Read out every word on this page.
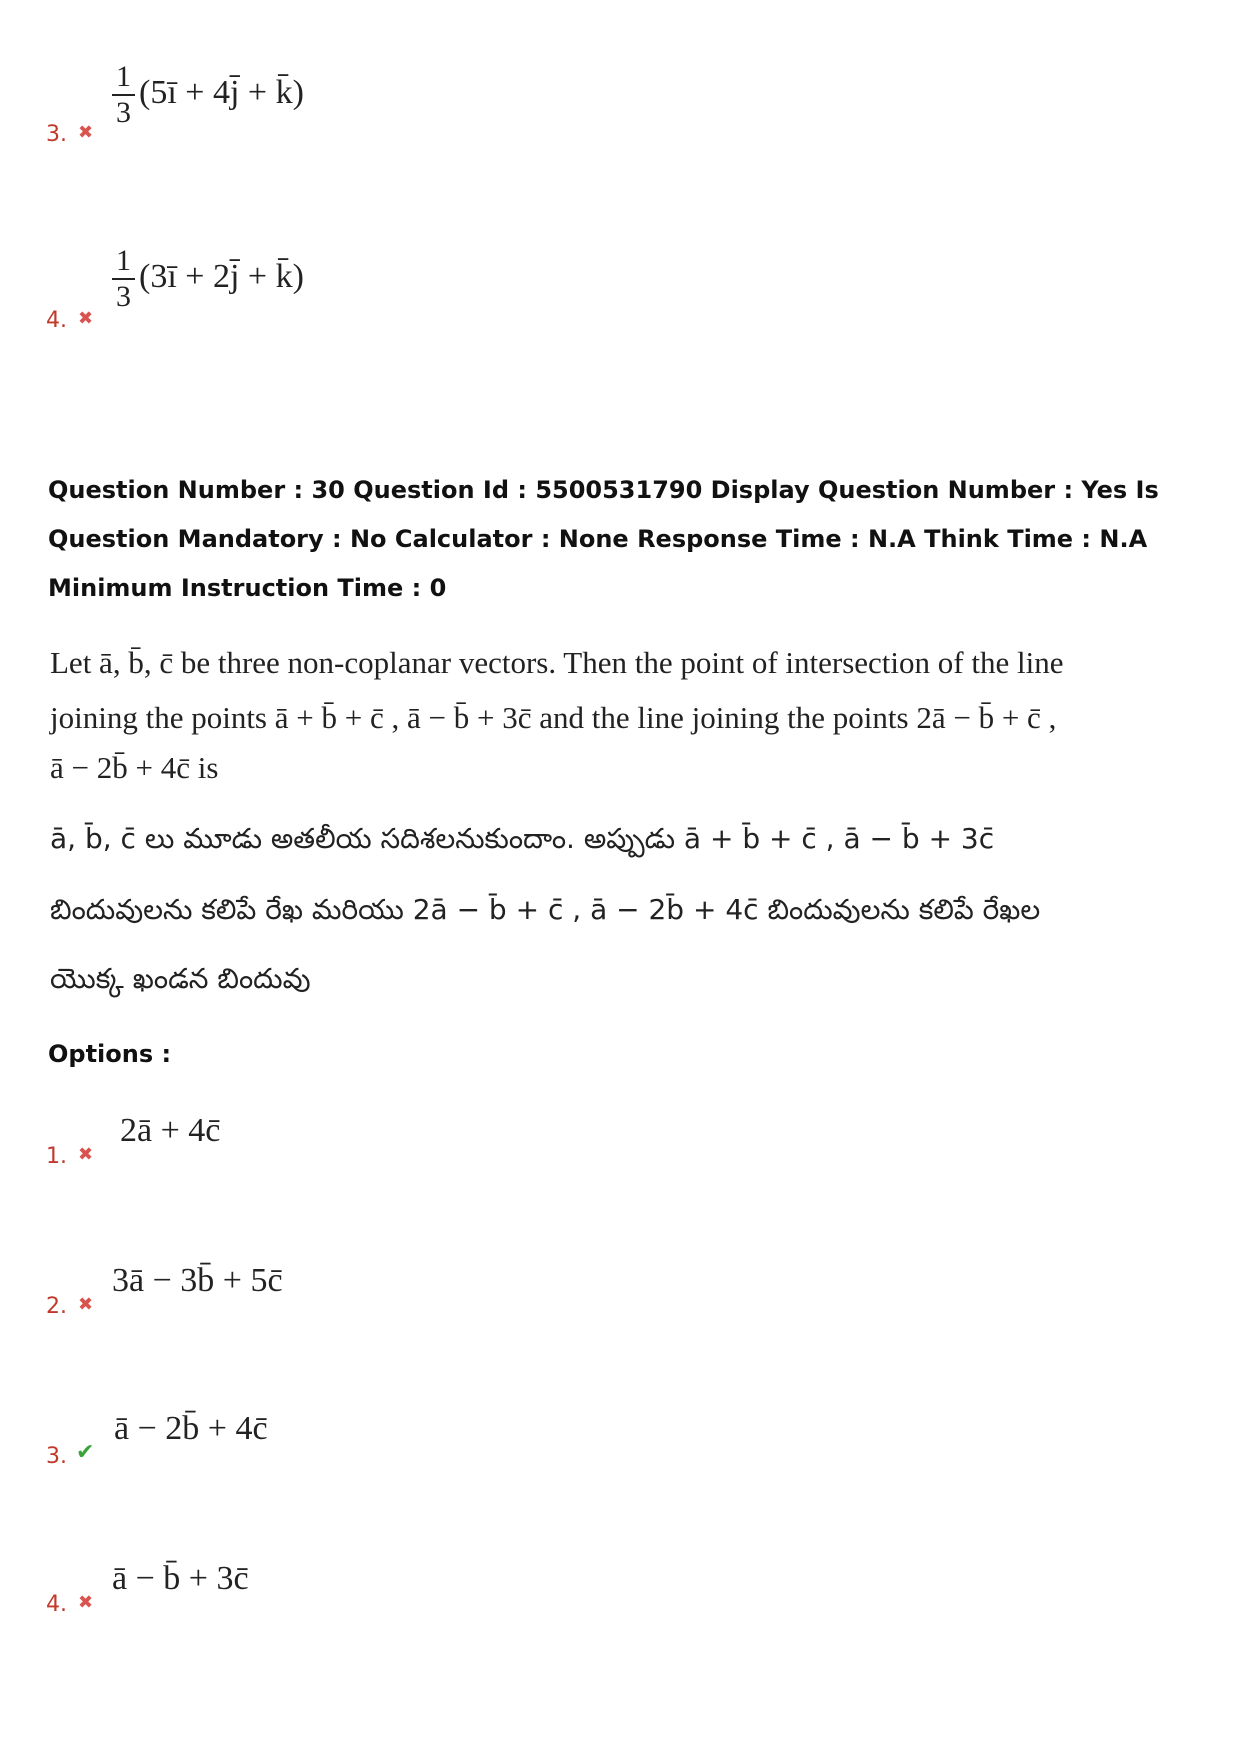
3. ✖
$\frac{1}{3}$ (5ī + 4j̄ + k̄)
4. ✖
$\frac{1}{3}$ (3ī + 2j̄ + k̄)
Question Number : 30 Question Id : 5500531790 Display Question Number : Yes Is Question Mandatory : No Calculator : None Response Time : N.A Think Time : N.A Minimum Instruction Time : 0
Let ā, b̄, c̄ be three non-coplanar vectors. Then the point of intersection of the line
joining the points ā + b̄ + c̄ , ā − b̄ + 3c̄ and the line joining the points 2ā − b̄ + c̄ ,
ā − 2b̄ + 4c̄ is
ā, b̄, c̄ లు మూడు అతలీయ సదిశలనుకుందాం. అప్పుడు ā + b̄ + c̄ , ā − b̄ + 3c̄
బిందువులను కలిపే రేఖ మరియు 2ā − b̄ + c̄ , ā − 2b̄ + 4c̄ బిందువులను కలిపే రేఖల
యొక్క ఖండన బిందువు
Options :
1. ✖
2ā + 4c̄
2. ✖
3ā − 3b̄ + 5c̄
3. ✔
ā − 2b̄ + 4c̄
4. ✖
ā − b̄ + 3c̄
